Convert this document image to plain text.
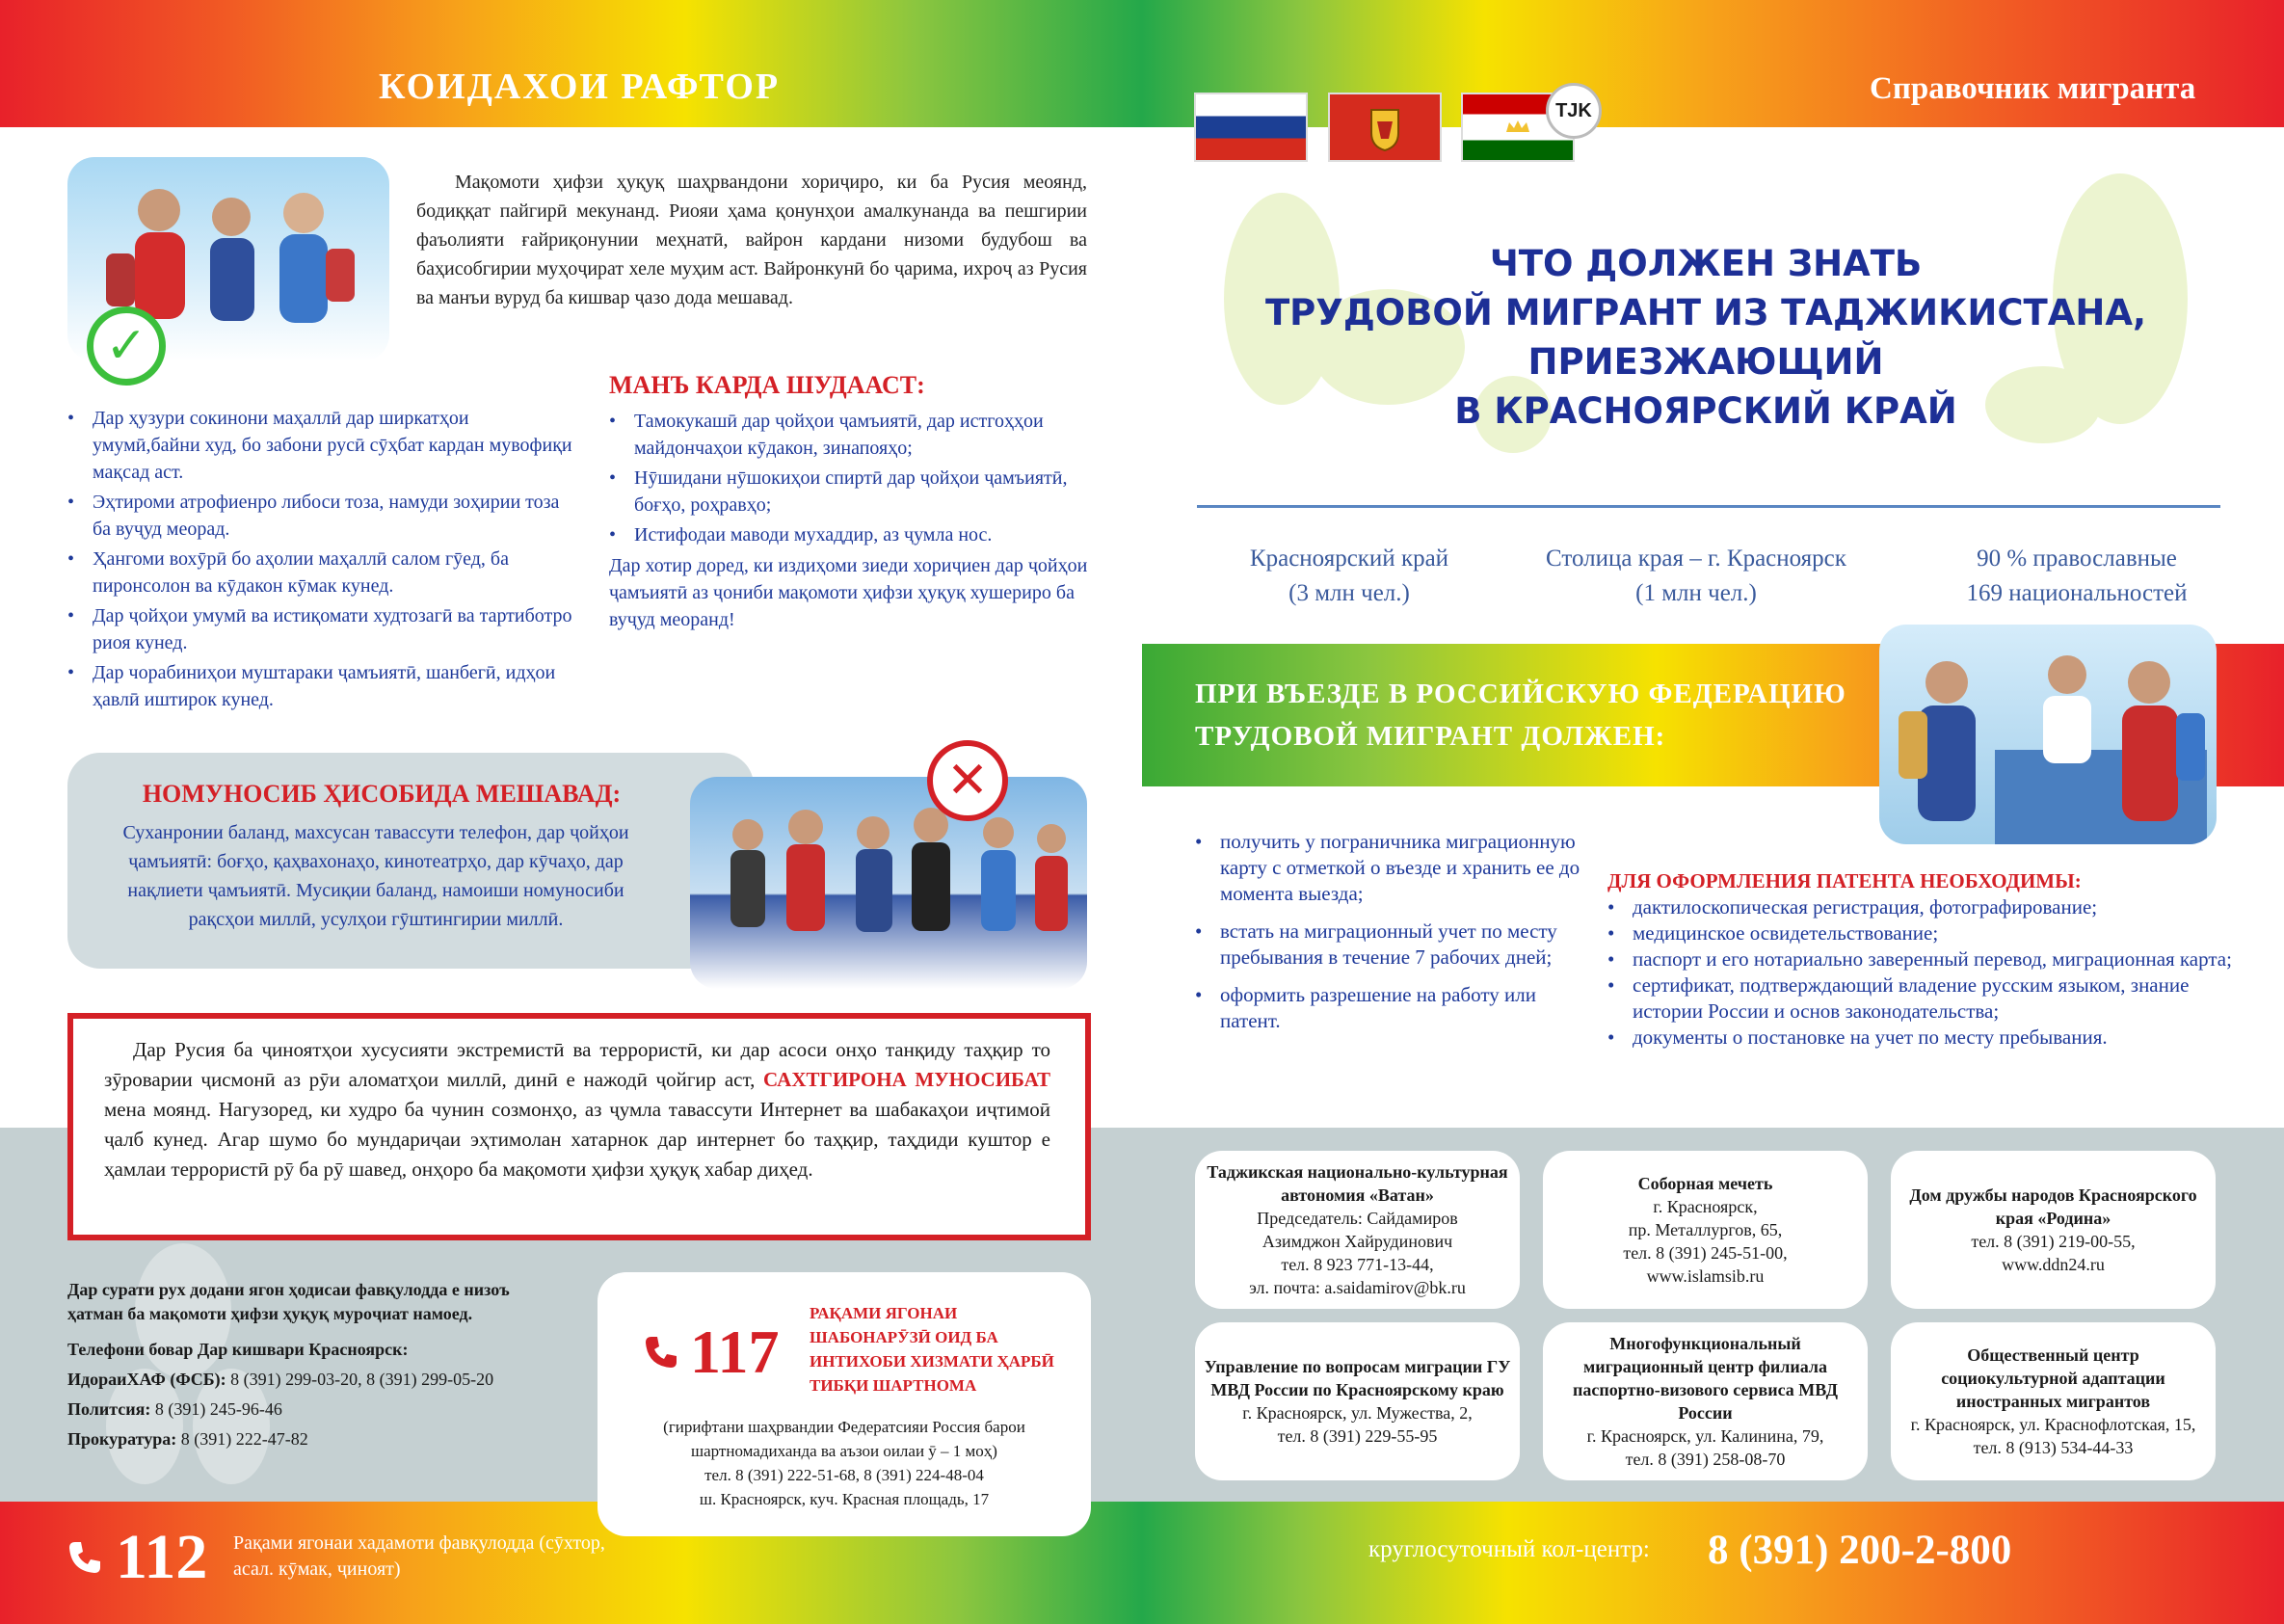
КОИДАХОИ РАФТОР	Справочник мигранта
TJK
✓
Мақомоти ҳифзи ҳуқуқ шаҳрвандони хориҷиро, ки ба Русия меоянд, бодиққат пайгирӣ мекунанд. Риояи ҳама қонунҳои амалкунанда ва пешгирии фаъолияти ғайриқонунии меҳнатӣ, вайрон кардани низоми будубош ва баҳисобгирии муҳоҷират хеле муҳим аст. Вайронкунӣ бо ҷарима, ихроҷ аз Русия ва манъи вуруд ба кишвар ҷазо дода мешавад.
• Дар ҳузури сокинони маҳаллӣ дар ширкатҳои умумӣ,байни худ, бо забони русӣ сӯҳбат кардан мувофиқи мақсад аст.
• Эҳтироми атрофиенро либоси тоза, намуди зоҳирии тоза ба вуҷуд меорад.
• Ҳангоми вохӯрӣ бо аҳолии маҳаллӣ салом гӯед, ба пиронсолон ва кӯдакон кӯмак кунед.
• Дар ҷойҳои умумӣ ва истиқомати худтозагӣ ва тартиботро риоя кунед.
• Дар чорабиниҳои муштараки ҷамъиятӣ, шанбегӣ, идҳои ҳавлӣ иштирок кунед.
МАНЪ КАРДА ШУДААСТ:
• Тамокукашӣ дар ҷойҳои ҷамъиятӣ, дар истгоҳҳои майдончаҳои кӯдакон, зинапояҳо;
• Нӯшидани нӯшокиҳои спиртӣ дар ҷойҳои ҷамъиятӣ, боғҳо, роҳравҳо;
• Истифодаи маводи мухаддир, аз ҷумла нос.
Дар хотир доред, ки издиҳоми зиеди хориҷиен дар ҷойҳои ҷамъиятӣ аз ҷониби мақомоти ҳифзи ҳуқуқ хушериро ба вуҷуд меоранд!
НОМУНОСИБ ҲИСОБИДА МЕШАВАД:
Суханронии баланд, махсусан тавассути телефон, дар ҷойҳои ҷамъиятӣ: боғҳо, қаҳвахонаҳо, кинотеатрҳо, дар кӯчаҳо, дар нақлиети ҷамъиятӣ. Мусиқии баланд, намоиши номуносиби рақсҳои миллӣ, усулҳои гӯштингирии миллӣ.
✕
Дар Русия ба ҷиноятҳои хусусияти экстремистӣ ва террористӣ, ки дар асоси онҳо танқиду таҳқир то зӯроварии ҷисмонӣ аз рӯи аломатҳои миллӣ, динӣ е нажодӣ ҷойгир аст, САХТГИРОНА МУНОСИБАТ мена моянд. Нагузоред, ки худро ба чунин созмонҳо, аз ҷумла тавассути Интернет ва шабакаҳои иҷтимоӣ ҷалб кунед. Агар шумо бо мундариҷаи эҳтимолан хатарнок дар интернет бо таҳқир, таҳдиди куштор е ҳамлаи террористӣ рӯ ба рӯ шавед, онҳоро ба мақомоти ҳифзи ҳуқуқ хабар диҳед.
Дар сурати рух додани ягон ҳодисаи фавқулодда е низоъ ҳатман ба мақомоти ҳифзи ҳуқуқ муроҷиат намоед.
Телефони бовар Дар кишвари Красноярск:
ИдораиХАФ (ФСБ): 8 (391) 299-03-20, 8 (391) 299-05-20
Политсия: 8 (391) 245-96-46
Прокуратура: 8 (391) 222-47-82
117
РАҚАМИ ЯГОНАИ ШАБОНАРӮЗӢ ОИД БА ИНТИХОБИ ХИЗМАТИ ҲАРБӢ ТИБҚИ ШАРТНОМА
(гирифтани шаҳрвандии Федератсияи Россия барои шартномадиханда ва аъзои оилаи ӯ – 1 моҳ)
тел. 8 (391) 222-51-68, 8 (391) 224-48-04
ш. Красноярск, куч. Красная площадь, 17
112 Рақами ягонаи хадамоти фавқулодда (сӯхтор, асал. кӯмак, ҷиноят)
круглосуточный кол-центр: 8 (391) 200-2-800
ЧТО ДОЛЖЕН ЗНАТЬ
ТРУДОВОЙ МИГРАНТ ИЗ ТАДЖИКИСТАНА,
ПРИЕЗЖАЮЩИЙ
В КРАСНОЯРСКИЙ КРАЙ
Красноярский край
(3 млн чел.)
Столица края – г. Красноярск
(1 млн чел.)
90 % православные
169 национальностей
ПРИ ВЪЕЗДЕ В РОССИЙСКУЮ ФЕДЕРАЦИЮ
ТРУДОВОЙ МИГРАНТ ДОЛЖЕН:
• получить у пограничника миграционную карту с отметкой о въезде и хранить ее до момента выезда;
• встать на миграционный учет по месту пребывания в течение 7 рабочих дней;
• оформить разрешение на работу или патент.
ДЛЯ ОФОРМЛЕНИЯ ПАТЕНТА НЕОБХОДИМЫ:
• дактилоскопическая регистрация, фотографирование;
• медицинское освидетельствование;
• паспорт и его нотариально заверенный перевод, миграционная карта;
• сертификат, подтверждающий владение русским языком, знание истории России и основ законодательства;
• документы о постановке на учет по месту пребывания.
Таджикская национально-культурная автономия «Ватан»
Председатель: Сайдамиров
Азимджон Хайрудинович
тел. 8 923 771-13-44,
эл. почта: a.saidamirov@bk.ru
Соборная мечеть
г. Красноярск,
пр. Металлургов, 65,
тел. 8 (391) 245-51-00,
www.islamsib.ru
Дом дружбы народов Красноярского края «Родина»
тел. 8 (391) 219-00-55,
www.ddn24.ru
Управление по вопросам миграции ГУ МВД России по Красноярскому краю
г. Красноярск, ул. Мужества, 2,
тел. 8 (391) 229-55-95
Многофункциональный миграционный центр филиала паспортно-визового сервиса МВД России
г. Красноярск, ул. Калинина, 79,
тел. 8 (391) 258-08-70
Общественный центр социокультурной адаптации иностранных мигрантов
г. Красноярск, ул. Краснофлотская, 15,
тел. 8 (913) 534-44-33
